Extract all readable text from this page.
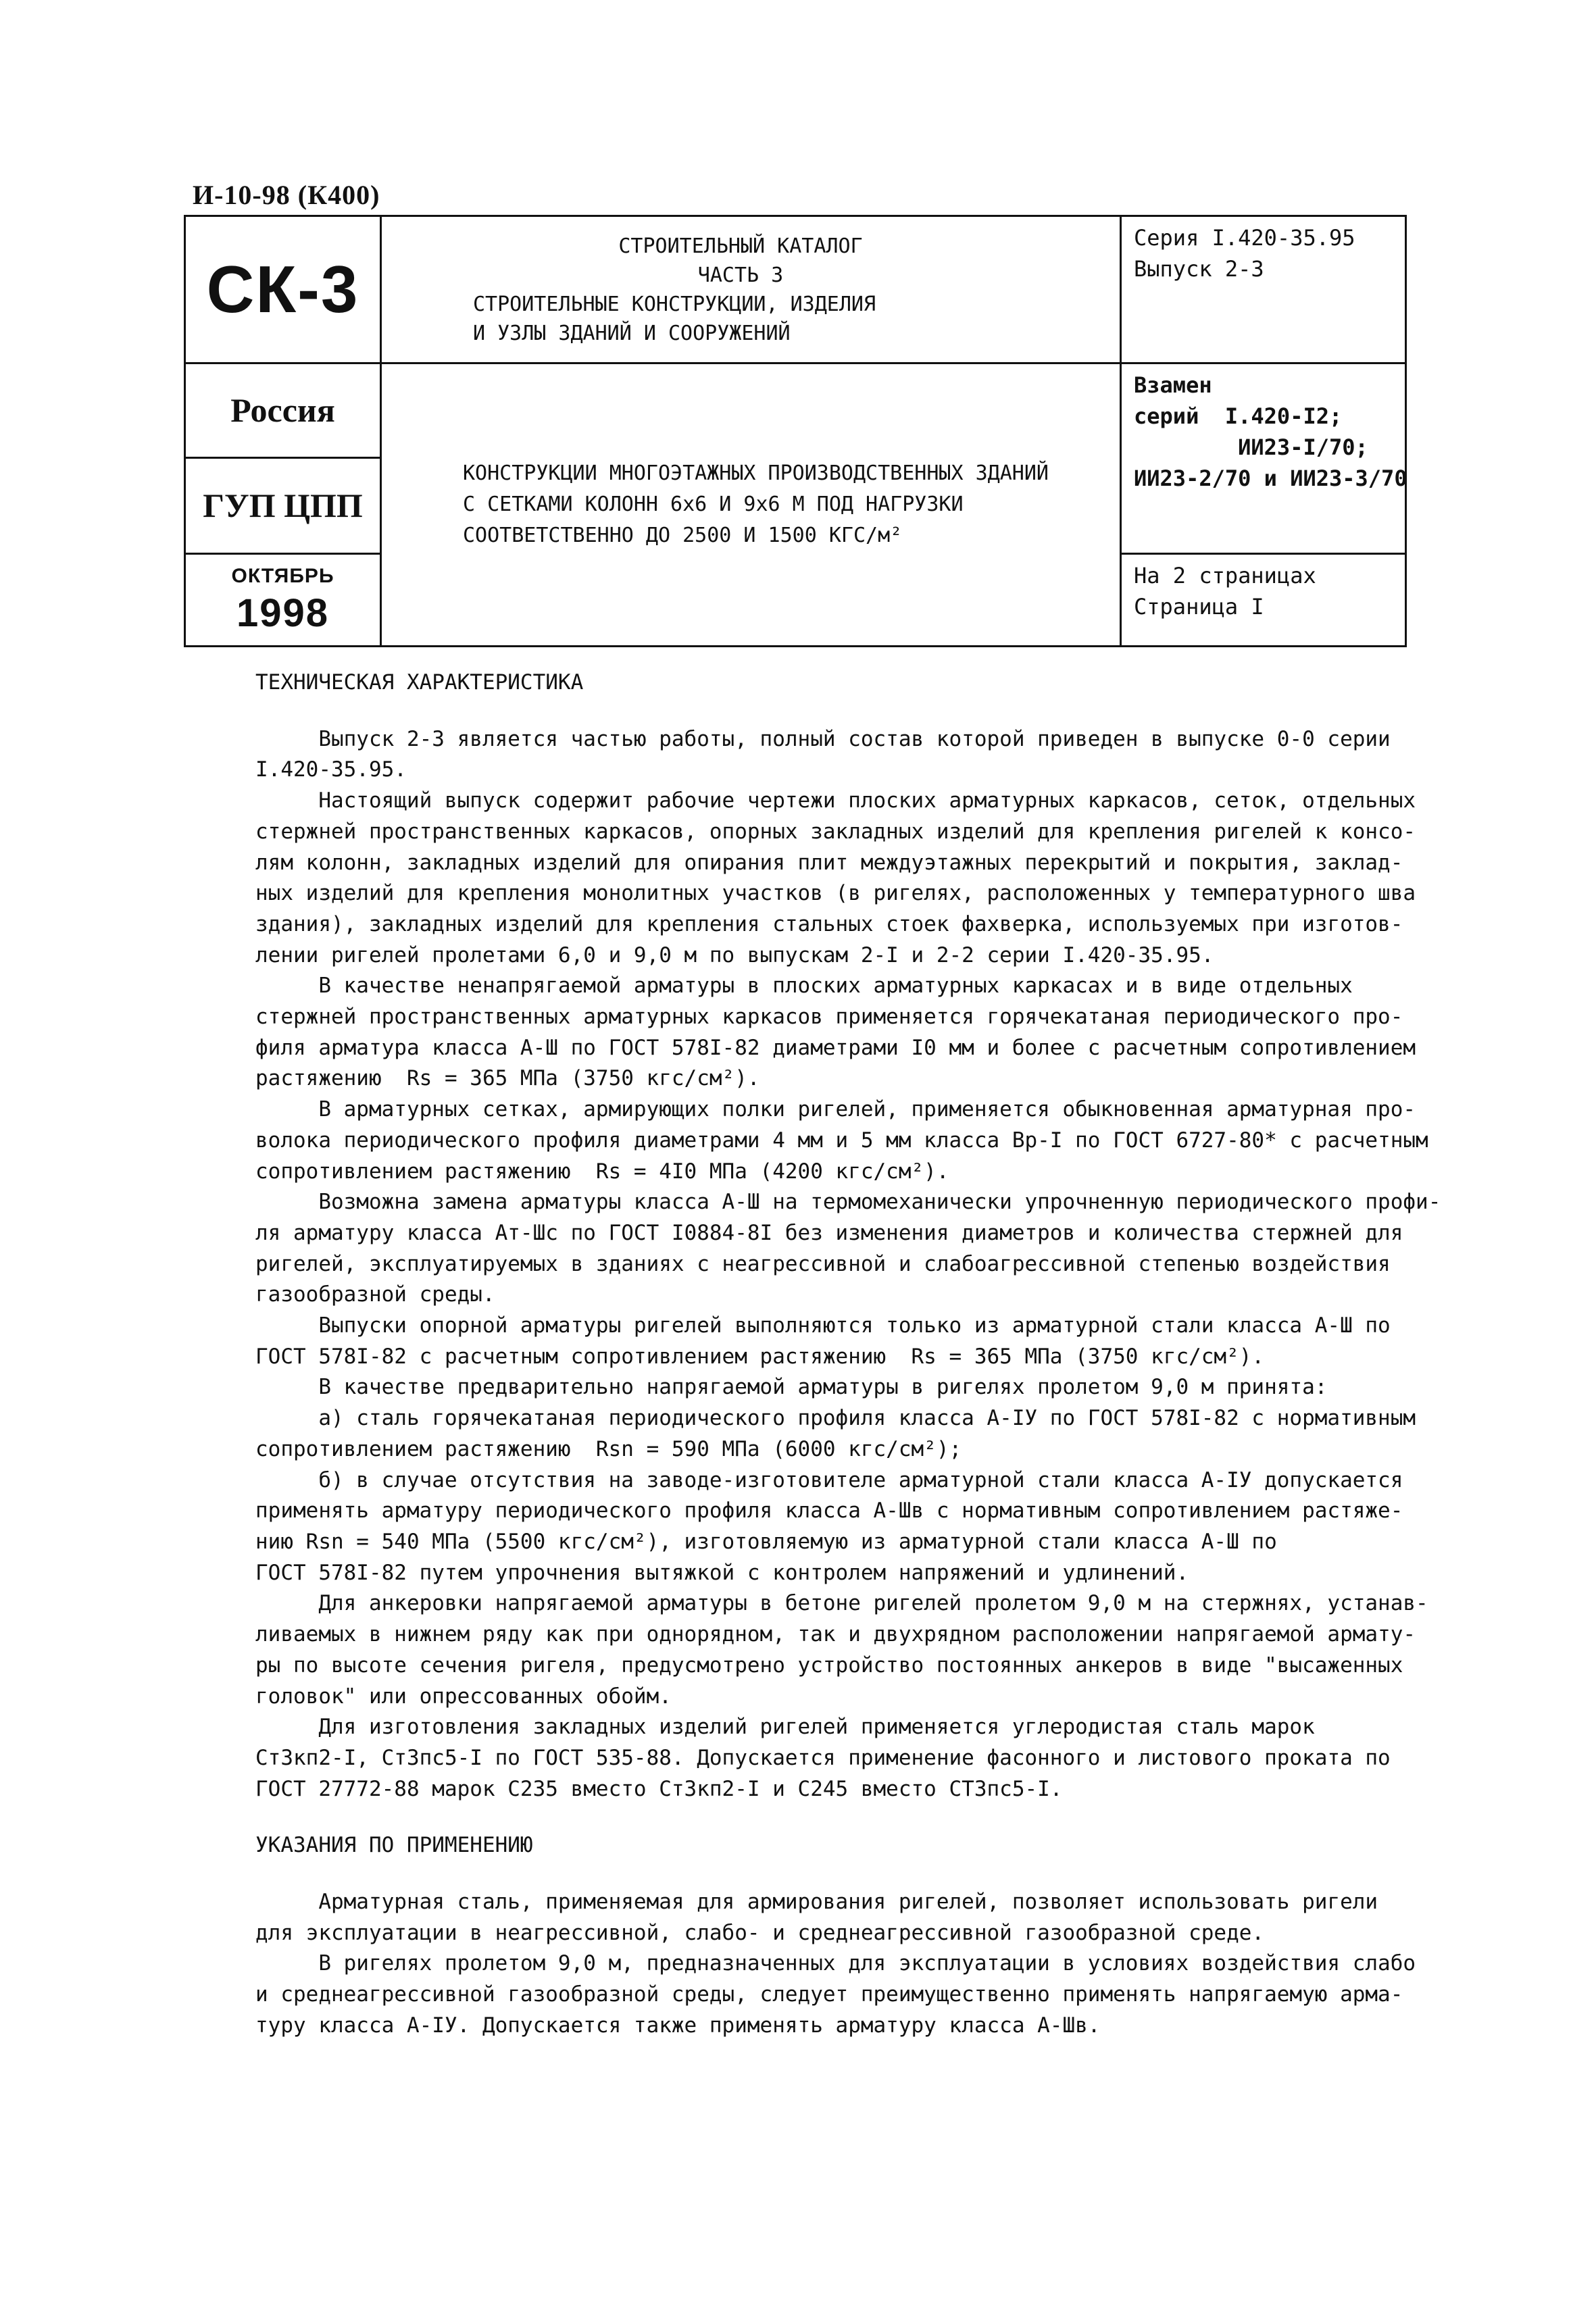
И-10-98 (К400)
СК-3
СТРОИТЕЛЬНЫЙ КАТАЛОГ
ЧАСТЬ 3
СТРОИТЕЛЬНЫЕ КОНСТРУКЦИИ, ИЗДЕЛИЯ
И УЗЛЫ ЗДАНИЙ И СООРУЖЕНИЙ
Серия I.420-35.95
Выпуск 2-3
Россия
ГУП ЦПП
КОНСТРУКЦИИ МНОГОЭТАЖНЫХ ПРОИЗВОДСТВЕННЫХ ЗДАНИЙ
С СЕТКАМИ КОЛОНН 6х6 И 9х6 М ПОД НАГРУЗКИ
СООТВЕТСТВЕННО ДО 2500 И 1500 КГС/м²
Взамен
серий  I.420-I2;
ИИ23-I/70;
ИИ23-2/70 и ИИ23-3/70
ОКТЯБРЬ
1998
На 2 страницах
Страница I

ТЕХНИЧЕСКАЯ ХАРАКТЕРИСТИКА

Выпуск 2-3 является частью работы, полный состав которой приведен в выпуске 0-0 серии

I.420-35.95.

Настоящий выпуск содержит рабочие чертежи плоских арматурных каркасов, сеток, отдельных

стержней пространственных каркасов, опорных закладных изделий для крепления ригелей к консо-

лям колонн, закладных изделий для опирания плит междуэтажных перекрытий и покрытия, заклад-

ных изделий для крепления монолитных участков (в ригелях, расположенных у температурного шва

здания), закладных изделий для крепления стальных стоек фахверка, используемых при изготов-

лении ригелей пролетами 6,0 и 9,0 м по выпускам 2-I и 2-2 серии I.420-35.95.

В качестве ненапрягаемой арматуры в плоских арматурных каркасах и в виде отдельных

стержней пространственных арматурных каркасов применяется горячекатаная периодического про-

филя арматура класса А-Ш по ГОСТ 578I-82 диаметрами I0 мм и более с расчетным сопротивлением

растяжению  Rs = 365 МПа (3750 кгс/см²).

В арматурных сетках, армирующих полки ригелей, применяется обыкновенная арматурная про-

волока периодического профиля диаметрами 4 мм и 5 мм класса Вр-I по ГОСТ 6727-80* с расчетным

сопротивлением растяжению  Rs = 4I0 МПа (4200 кгс/см²).

Возможна замена арматуры класса А-Ш на термомеханически упрочненную периодического профи-

ля арматуру класса Ат-Шс по ГОСТ I0884-8I без изменения диаметров и количества стержней для

ригелей, эксплуатируемых в зданиях с неагрессивной и слабоагрессивной степенью воздействия

газообразной среды.

Выпуски опорной арматуры ригелей выполняются только из арматурной стали класса А-Ш по

ГОСТ 578I-82 с расчетным сопротивлением растяжению  Rs = 365 МПа (3750 кгс/см²).

В качестве предварительно напрягаемой арматуры в ригелях пролетом 9,0 м принята:

а) сталь горячекатаная периодического профиля класса А-IУ по ГОСТ 578I-82 с нормативным

сопротивлением растяжению  Rsn = 590 МПа (6000 кгс/см²);

б) в случае отсутствия на заводе-изготовителе арматурной стали класса А-IУ допускается

применять арматуру периодического профиля класса А-Шв с нормативным сопротивлением растяже-

нию Rsn = 540 МПа (5500 кгс/см²), изготовляемую из арматурной стали класса А-Ш по

ГОСТ 578I-82 путем упрочнения вытяжкой с контролем напряжений и удлинений.

Для анкеровки напрягаемой арматуры в бетоне ригелей пролетом 9,0 м на стержнях, устанав-

ливаемых в нижнем ряду как при однорядном, так и двухрядном расположении напрягаемой армату-

ры по высоте сечения ригеля, предусмотрено устройство постоянных анкеров в виде "высаженных

головок" или опрессованных обойм.

Для изготовления закладных изделий ригелей применяется углеродистая сталь марок

Ст3кп2-I, Ст3пс5-I по ГОСТ 535-88. Допускается применение фасонного и листового проката по

ГОСТ 27772-88 марок С235 вместо Ст3кп2-I и С245 вместо СТ3пс5-I.

УКАЗАНИЯ ПО ПРИМЕНЕНИЮ

Арматурная сталь, применяемая для армирования ригелей, позволяет использовать ригели

для эксплуатации в неагрессивной, слабо- и среднеагрессивной газообразной среде.

В ригелях пролетом 9,0 м, предназначенных для эксплуатации в условиях воздействия слабо

и среднеагрессивной газообразной среды, следует преимущественно применять напрягаемую арма-

туру класса А-IУ. Допускается также применять арматуру класса А-Шв.
